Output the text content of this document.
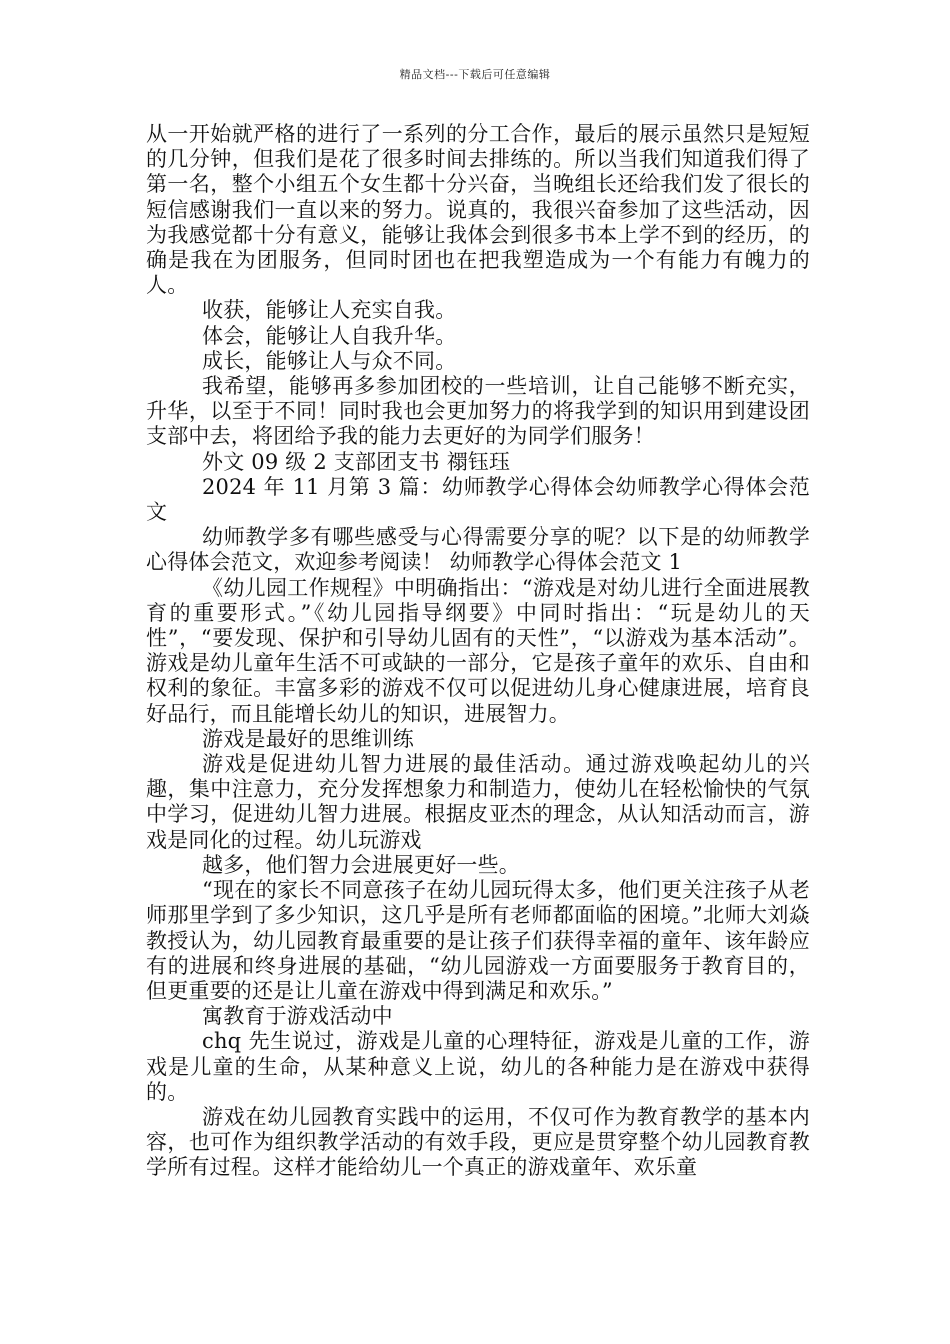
精品文档---下载后可任意编辑

从一开始就严格的进行了一系列的分工合作，最后的展示虽然只是短短的几分钟，但我们是花了很多时间去排练的。所以当我们知道我们得了第一名，整个小组五个女生都十分兴奋，当晚组长还给我们发了很长的短信感谢我们一直以来的努力。说真的，我很兴奋参加了这些活动，因为我感觉都十分有意义，能够让我体会到很多书本上学不到的经历，的确是我在为团服务，但同时团也在把我塑造成为一个有能力有魄力的人。

收获，能够让人充实自我。

体会，能够让人自我升华。

成长，能够让人与众不同。

我希望，能够再多参加团校的一些培训，让自己能够不断充实，升华，以至于不同！同时我也会更加努力的将我学到的知识用到建设团支部中去，将团给予我的能力去更好的为同学们服务！

外文 09 级 2 支部团支书 禤钰珏

2024 年 11 月第 3 篇：幼师教学心得体会幼师教学心得体会范文

幼师教学多有哪些感受与心得需要分享的呢？以下是的幼师教学心得体会范文，欢迎参考阅读！ 幼师教学心得体会范文 1

《幼儿园工作规程》中明确指出：“游戏是对幼儿进行全面进展教育的重要形式。”《幼儿园指导纲要》中同时指出：“玩是幼儿的天性”，“要发现、保护和引导幼儿固有的天性”，“以游戏为基本活动”。游戏是幼儿童年生活不可或缺的一部分，它是孩子童年的欢乐、自由和权利的象征。丰富多彩的游戏不仅可以促进幼儿身心健康进展，培育良好品行，而且能增长幼儿的知识，进展智力。

游戏是最好的思维训练

游戏是促进幼儿智力进展的最佳活动。通过游戏唤起幼儿的兴趣，集中注意力，充分发挥想象力和制造力，使幼儿在轻松愉快的气氛中学习，促进幼儿智力进展。根据皮亚杰的理念，从认知活动而言，游戏是同化的过程。幼儿玩游戏

越多，他们智力会进展更好一些。

“现在的家长不同意孩子在幼儿园玩得太多，他们更关注孩子从老师那里学到了多少知识，这几乎是所有老师都面临的困境。”北师大刘焱教授认为，幼儿园教育最重要的是让孩子们获得幸福的童年、该年龄应有的进展和终身进展的基础，“幼儿园游戏一方面要服务于教育目的，但更重要的还是让儿童在游戏中得到满足和欢乐。”

寓教育于游戏活动中

chq 先生说过，游戏是儿童的心理特征，游戏是儿童的工作，游戏是儿童的生命，从某种意义上说，幼儿的各种能力是在游戏中获得的。

游戏在幼儿园教育实践中的运用，不仅可作为教育教学的基本内容，也可作为组织教学活动的有效手段，更应是贯穿整个幼儿园教育教学所有过程。这样才能给幼儿一个真正的游戏童年、欢乐童
